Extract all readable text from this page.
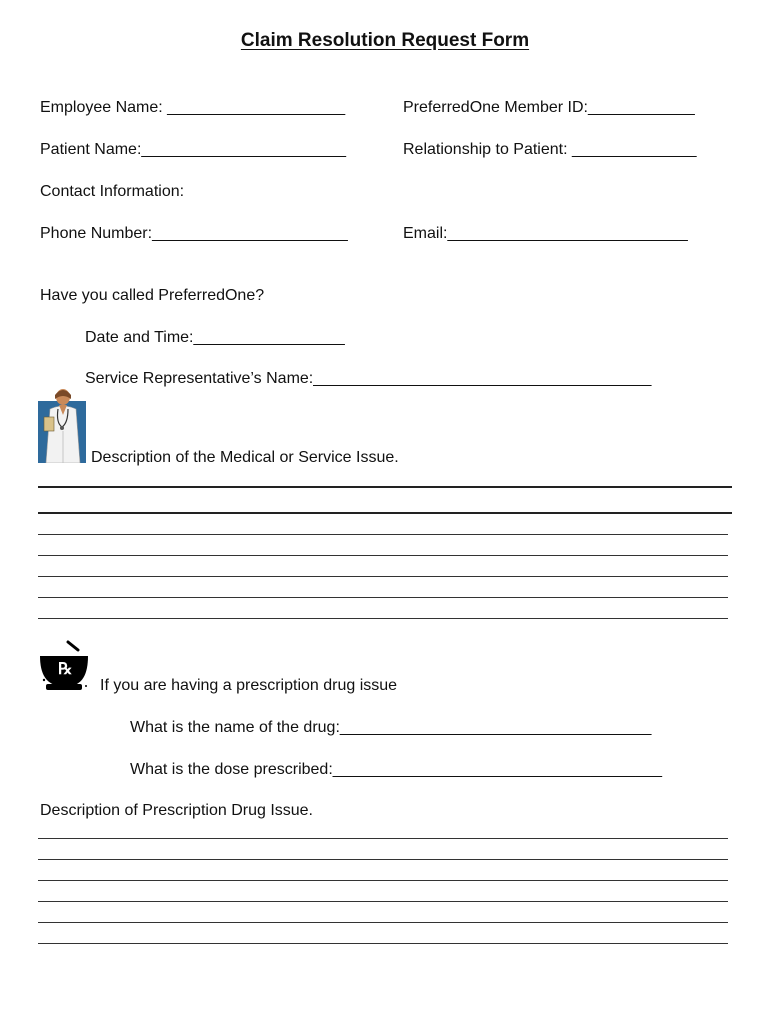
Claim Resolution Request Form
Employee Name: ____________________	PreferredOne Member ID:____________
Patient Name:_______________________	Relationship to Patient: ______________
Contact Information:
Phone Number:______________________	Email:___________________________
Have you called PreferredOne?
Date and Time:_________________
Service Representative’s Name:______________________________________
Description of the Medical or Service Issue.
℞
If you are having a prescription drug issue
What is the name of the drug:___________________________________
What is the dose prescribed:_____________________________________
Description of Prescription Drug Issue.
